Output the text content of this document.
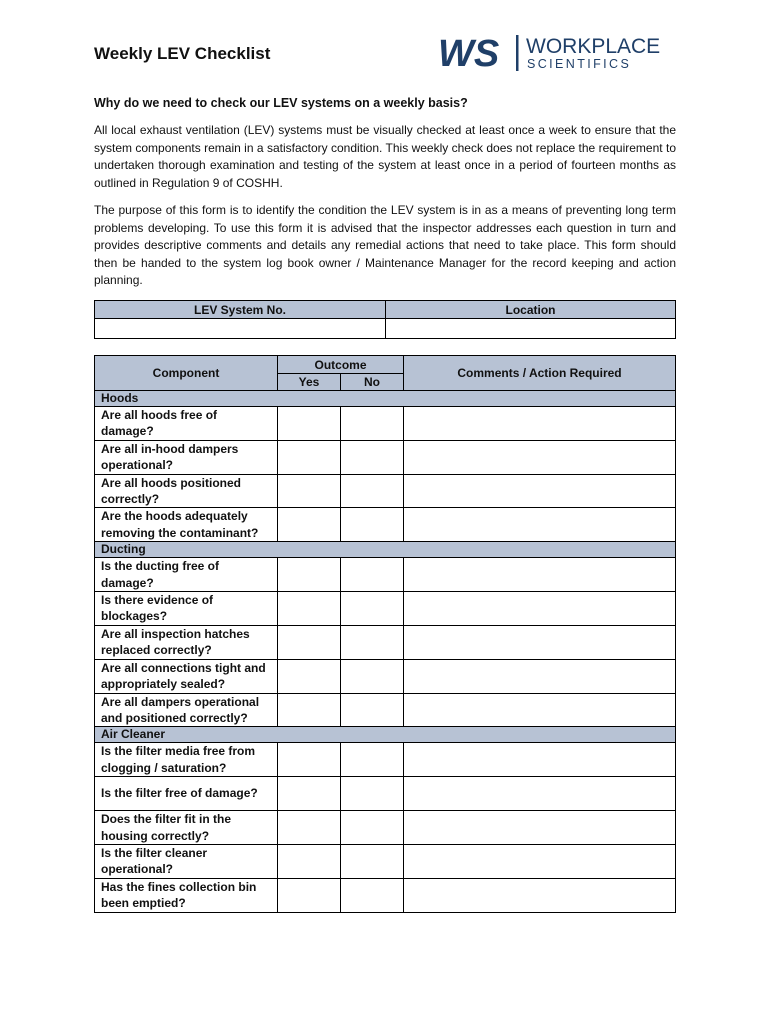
Weekly LEV Checklist	WS WORKPLACE
SCIENTIFICS
Why do we need to check our LEV systems on a weekly basis?
All local exhaust ventilation (LEV) systems must be visually checked at least once a week to ensure that the system components remain in a satisfactory condition. This weekly check does not replace the requirement to undertaken thorough examination and testing of the system at least once in a period of fourteen months as outlined in Regulation 9 of COSHH.
The purpose of this form is to identify the condition the LEV system is in as a means of preventing long term problems developing. To use this form it is advised that the inspector addresses each question in turn and provides descriptive comments and details any remedial actions that need to take place. This form should then be handed to the system log book owner / Maintenance Manager for the record keeping and action planning.
LEV System No.	Location

Component	Outcome		Comments / Action Required
	Yes	No	
Hoods			
Are all hoods free of damage?			
Are all in-hood dampers operational?			
Are all hoods positioned correctly?			
Are the hoods adequately removing the contaminant?			
Ducting			
Is the ducting free of damage?			
Is there evidence of blockages?			
Are all inspection hatches replaced correctly?			
Are all connections tight and appropriately sealed?			
Are all dampers operational and positioned correctly?			
Air Cleaner			
Is the filter media free from clogging / saturation?			
Is the filter free of damage?			
Does the filter fit in the housing correctly?			
Is the filter cleaner operational?			
Has the fines collection bin been emptied?			
